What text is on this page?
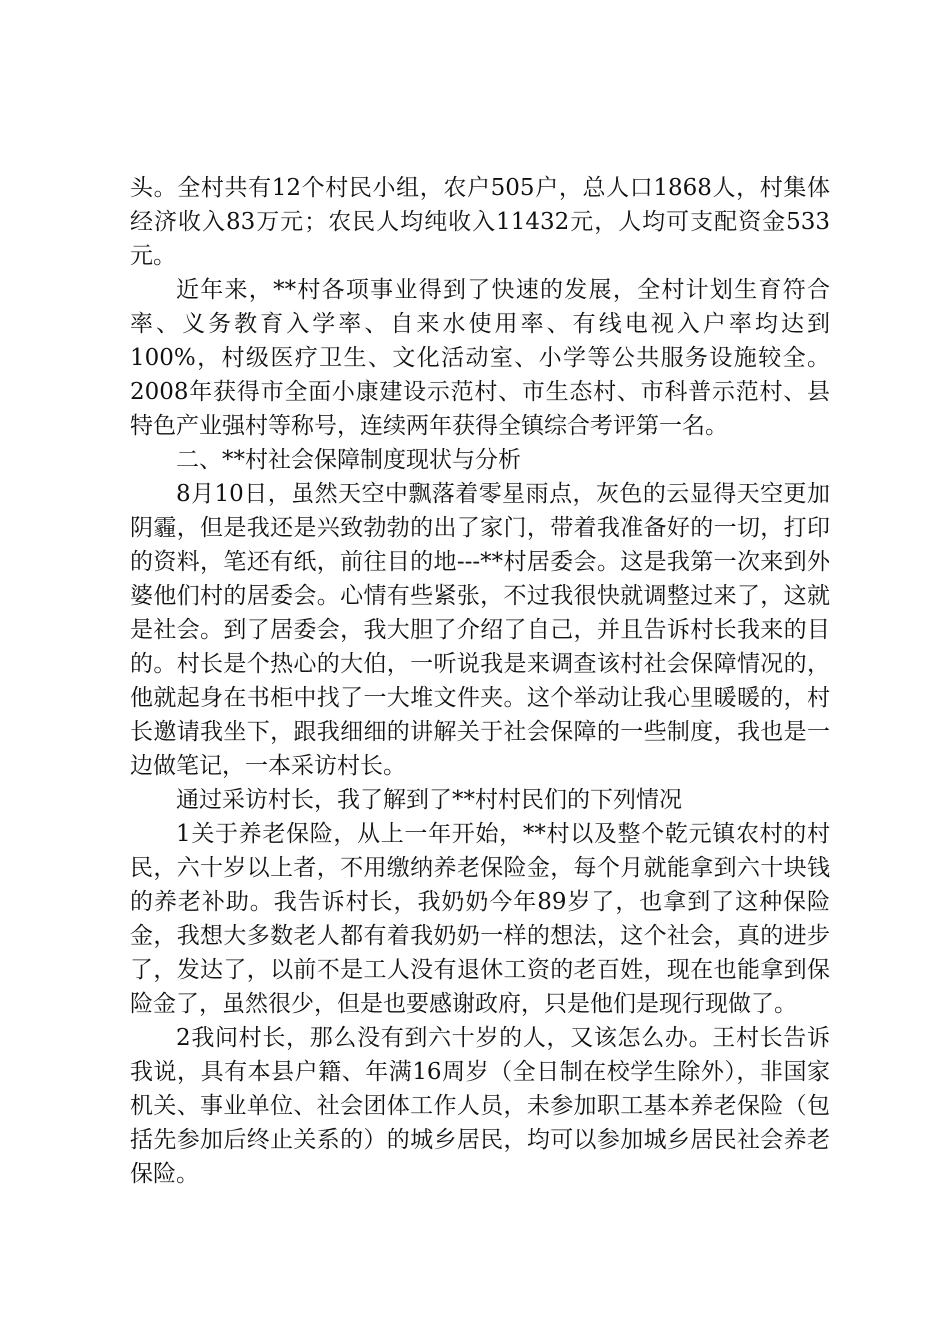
头。全村共有12个村民小组，农户505户，总人口1868人，村集体经济收入83万元；农民人均纯收入11432元，人均可支配资金533元。

近年来，**村各项事业得到了快速的发展，全村计划生育符合率、义务教育入学率、自来水使用率、有线电视入户率均达到100%，村级医疗卫生、文化活动室、小学等公共服务设施较全。2008年获得市全面小康建设示范村、市生态村、市科普示范村、县特色产业强村等称号，连续两年获得全镇综合考评第一名。

二、**村社会保障制度现状与分析

8月10日，虽然天空中飘落着零星雨点，灰色的云显得天空更加阴霾，但是我还是兴致勃勃的出了家门，带着我准备好的一切，打印的资料，笔还有纸，前往目的地---**村居委会。这是我第一次来到外婆他们村的居委会。心情有些紧张，不过我很快就调整过来了，这就是社会。到了居委会，我大胆了介绍了自己，并且告诉村长我来的目的。村长是个热心的大伯，一听说我是来调查该村社会保障情况的，他就起身在书柜中找了一大堆文件夹。这个举动让我心里暖暖的，村长邀请我坐下，跟我细细的讲解关于社会保障的一些制度，我也是一边做笔记，一本采访村长。

通过采访村长，我了解到了**村村民们的下列情况

1关于养老保险，从上一年开始，**村以及整个乾元镇农村的村民，六十岁以上者，不用缴纳养老保险金，每个月就能拿到六十块钱的养老补助。我告诉村长，我奶奶今年89岁了，也拿到了这种保险金，我想大多数老人都有着我奶奶一样的想法，这个社会，真的进步了，发达了，以前不是工人没有退休工资的老百姓，现在也能拿到保险金了，虽然很少，但是也要感谢政府，只是他们是现行现做了。

2我问村长，那么没有到六十岁的人，又该怎么办。王村长告诉我说，具有本县户籍、年满16周岁（全日制在校学生除外），非国家机关、事业单位、社会团体工作人员，未参加职工基本养老保险（包括先参加后终止关系的）的城乡居民，均可以参加城乡居民社会养老保险。
